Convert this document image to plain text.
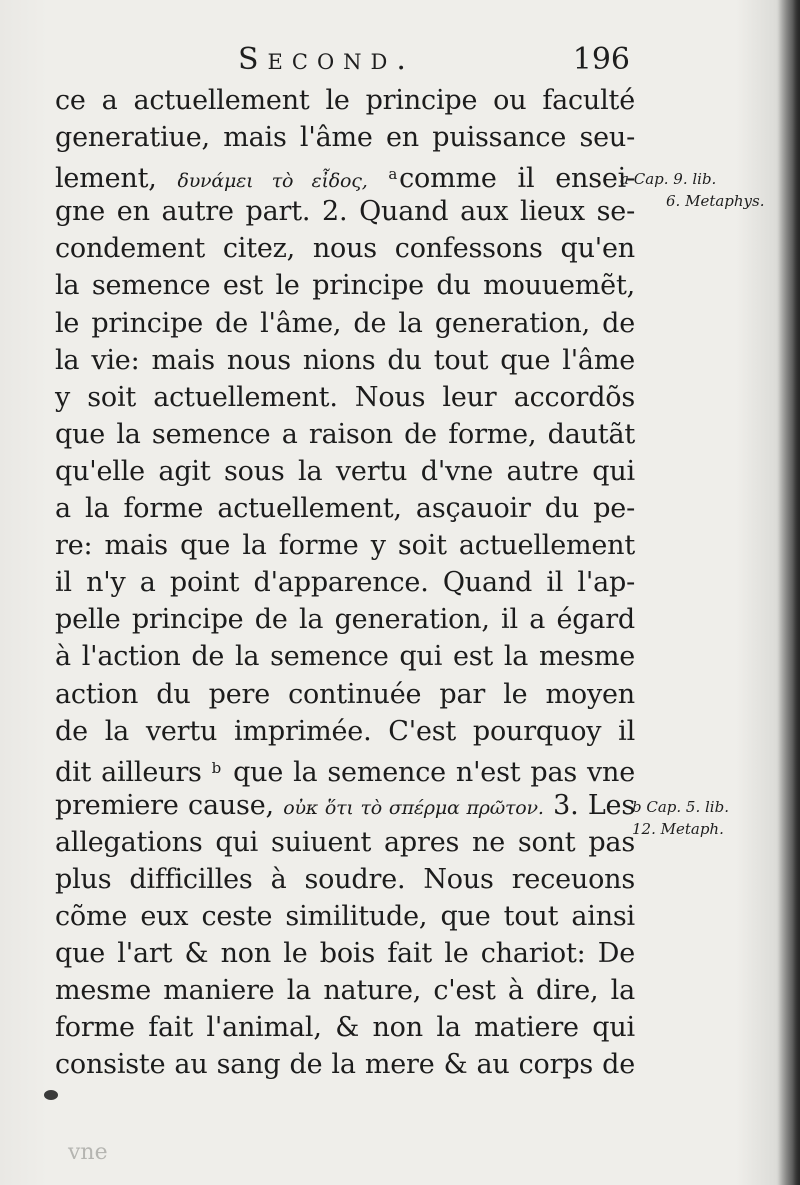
Second.	196
ce a actuellement le principe ou faculté
generatiue, mais l'âme en puissance seu-
lement, δυνάμει τὸ εἶδος, $^a$comme il ensei-
gne en autre part. 2. Quand aux lieux se-
condement citez, nous confessons qu'en
la semence est le principe du mouuemẽt,
le principe de l'âme, de la generation, de
la vie: mais nous nions du tout que l'âme
y soit actuellement. Nous leur accordõs
que la semence a raison de forme, dautãt
qu'elle agit sous la vertu d'vne autre qui
a la forme actuellement, asçauoir du pe-
re: mais que la forme y soit actuellement
il n'y a point d'apparence. Quand il l'ap-
pelle principe de la generation, il a égard
à l'action de la semence qui est la mesme
action du pere continuée par le moyen
de la vertu imprimée. C'est pourquoy il
dit ailleurs $^b$ que la semence n'est pas vne
premiere cause, οὐκ ὅτι τὸ σπέρμα πρῶτον. 3. Les
allegations qui suiuent apres ne sont pas
plus difficilles à soudre. Nous receuons
cõme eux ceste similitude, que tout ainsi
que l'art & non le bois fait le chariot: De
mesme maniere la nature, c'est à dire, la
forme fait l'animal, & non la matiere qui
consiste au sang de la mere & au corps de
a Cap. 9. lib.
6. Metaphys.
b Cap. 5. lib.
12. Metaph.
vne
